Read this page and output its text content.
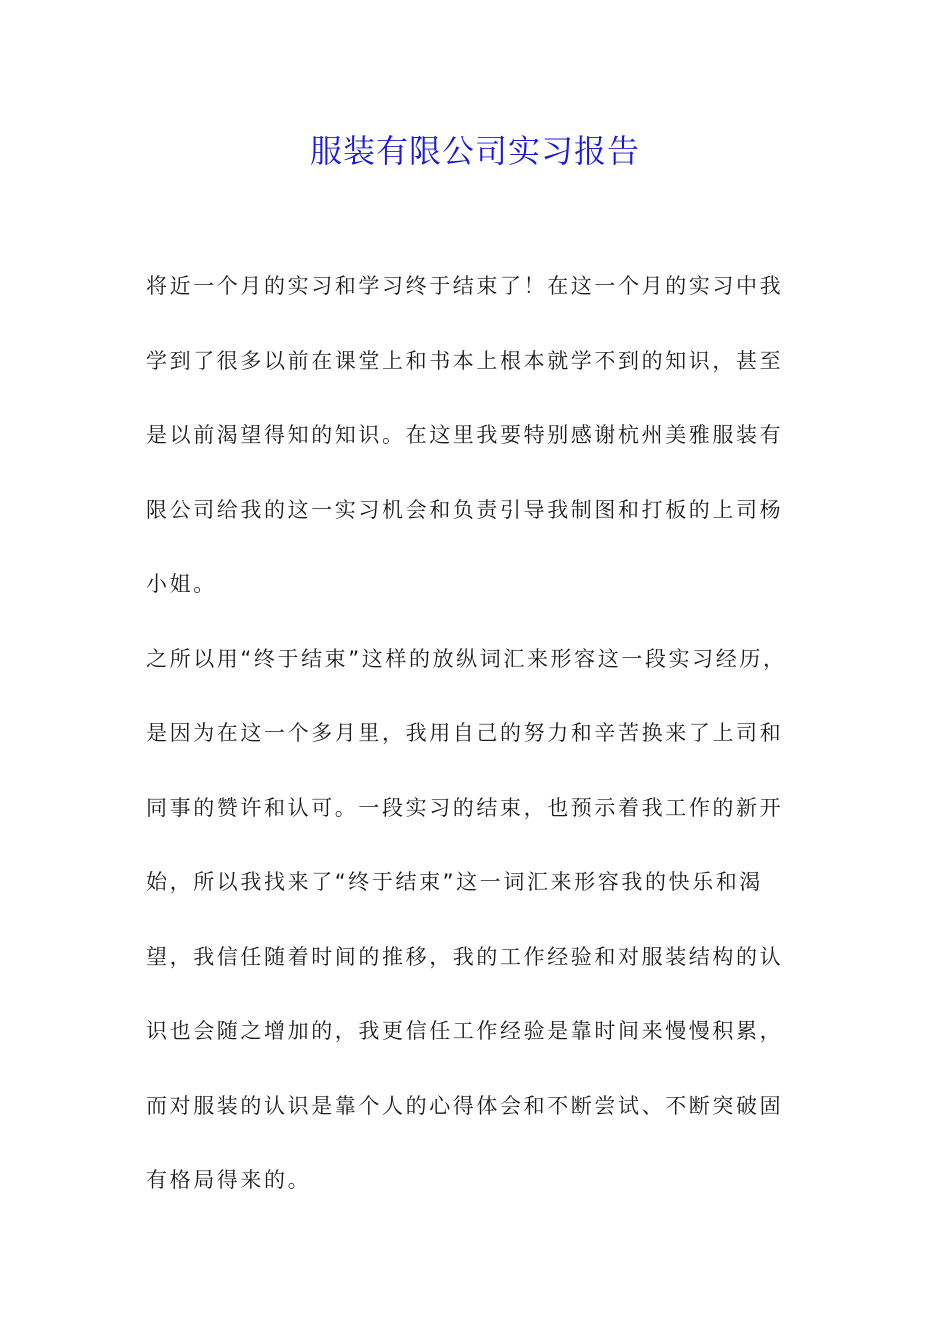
服装有限公司实习报告
将近一个月的实习和学习终于结束了！在这一个月的实习中我
学到了很多以前在课堂上和书本上根本就学不到的知识，甚至
是以前渴望得知的知识。在这里我要特别感谢杭州美雅服装有
限公司给我的这一实习机会和负责引导我制图和打板的上司杨
小姐。
之所以用“终于结束”这样的放纵词汇来形容这一段实习经历，
是因为在这一个多月里，我用自己的努力和辛苦换来了上司和
同事的赞许和认可。一段实习的结束，也预示着我工作的新开
始，所以我找来了“终于结束”这一词汇来形容我的快乐和渴
望，我信任随着时间的推移，我的工作经验和对服装结构的认
识也会随之增加的，我更信任工作经验是靠时间来慢慢积累，
而对服装的认识是靠个人的心得体会和不断尝试、不断突破固
有格局得来的。
